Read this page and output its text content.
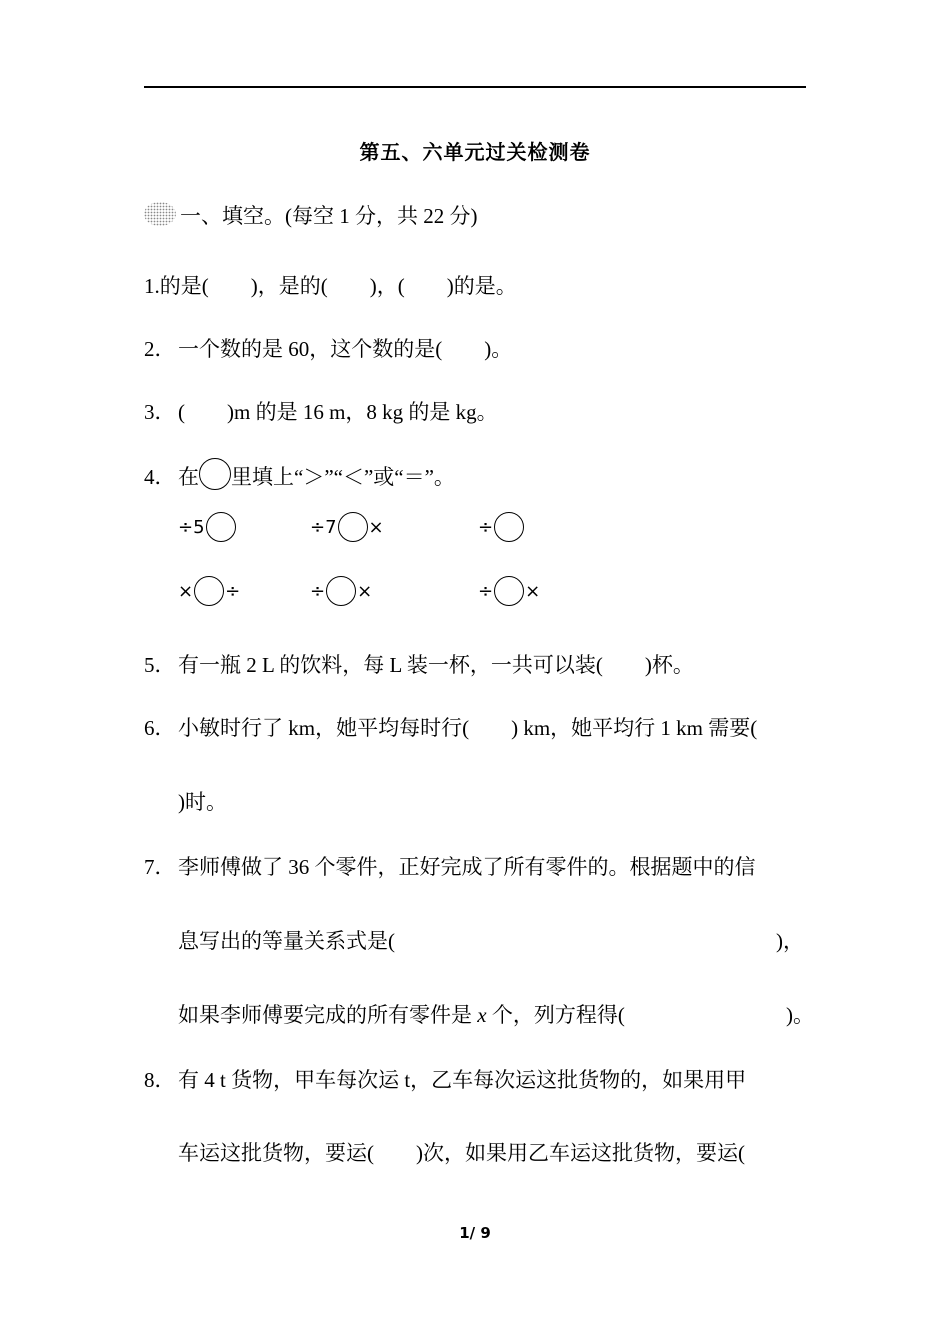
第五、六单元过关检测卷
一、填空。(每空 1 分，共 22 分)
1.的是(　　)，是的(　　)，(　　)的是。
2． 一个数的是 60，这个数的是(　　)。
3． (　　)m 的是 16 m，8 kg 的是 kg。
4． 在 里填上“＞”“＜”或“＝”。
÷5	÷7 ×	÷
× ÷	÷ ×	÷ ×
5． 有一瓶 2 L 的饮料，每 L 装一杯，一共可以装(　　)杯。
6． 小敏时行了 km，她平均每时行(　　) km，她平均行 1 km 需要(
)时。
7． 李师傅做了 36 个零件，正好完成了所有零件的。根据题中的信
息写出的等量关系式是(	)，
如果李师傅要完成的所有零件是 x 个，列方程得(	)。
8． 有 4 t 货物，甲车每次运 t，乙车每次运这批货物的，如果用甲
车运这批货物，要运(　　)次，如果用乙车运这批货物，要运(
1/ 9
